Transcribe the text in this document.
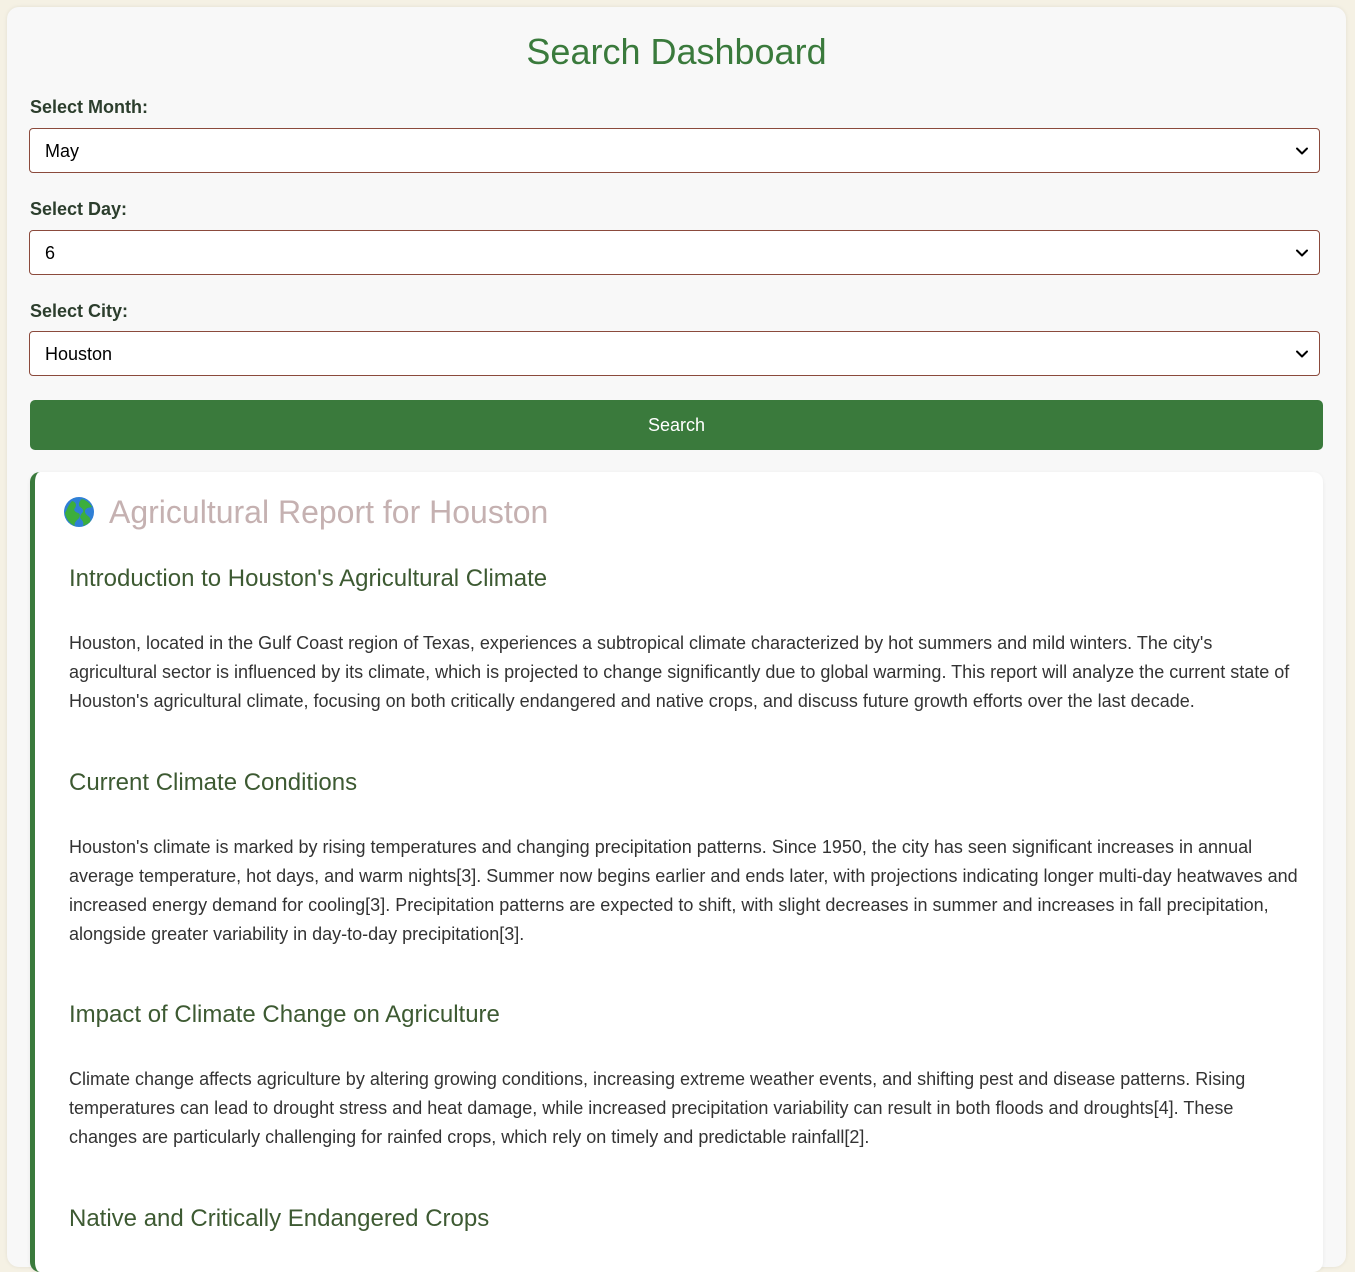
Search Dashboard
Select Month:
May
Select Day:
6
Select City:
Houston
Search
Agricultural Report for Houston
Introduction to Houston's Agricultural Climate

Houston, located in the Gulf Coast region of Texas, experiences a subtropical climate characterized by hot summers and mild winters. The city's agricultural sector is influenced by its climate, which is projected to change significantly due to global warming. This report will analyze the current state of Houston's agricultural climate, focusing on both critically endangered and native crops, and discuss future growth efforts over the last decade.

Current Climate Conditions

Houston's climate is marked by rising temperatures and changing precipitation patterns. Since 1950, the city has seen significant increases in annual average temperature, hot days, and warm nights[3]. Summer now begins earlier and ends later, with projections indicating longer multi-day heatwaves and increased energy demand for cooling[3]. Precipitation patterns are expected to shift, with slight decreases in summer and increases in fall precipitation, alongside greater variability in day-to-day precipitation[3].

Impact of Climate Change on Agriculture

Climate change affects agriculture by altering growing conditions, increasing extreme weather events, and shifting pest and disease patterns. Rising temperatures can lead to drought stress and heat damage, while increased precipitation variability can result in both floods and droughts[4]. These changes are particularly challenging for rainfed crops, which rely on timely and predictable rainfall[2].

Native and Critically Endangered Crops
